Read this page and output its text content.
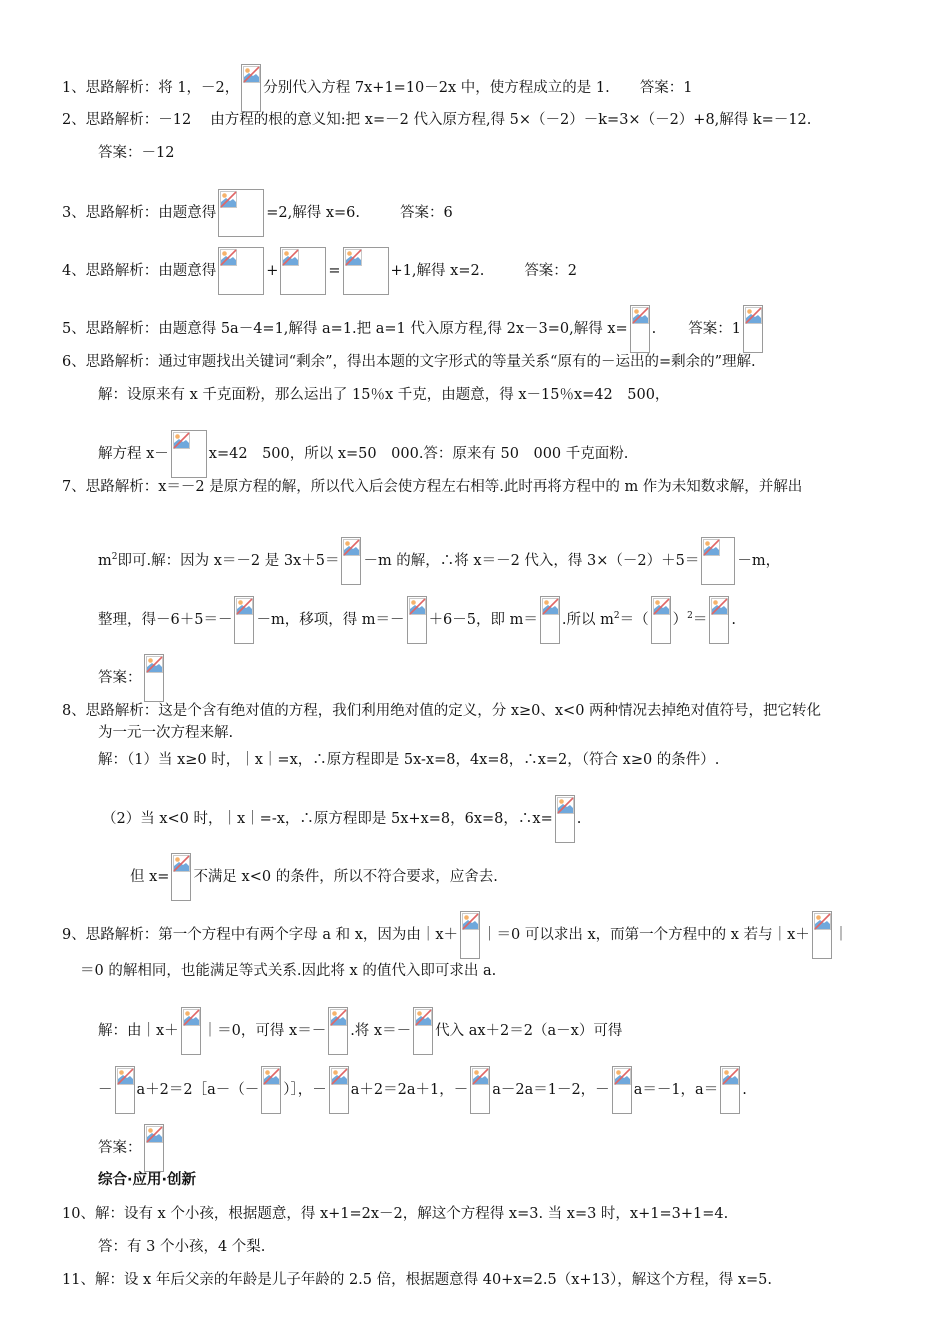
1、思路解析：将 1，－2， 分别代入方程 7x+1=10－2x 中，使方程成立的是 1. 答案：1
2、思路解析：－12　 由方程的根的意义知:把 x=－2 代入原方程,得 5×（－2）－k=3×（－2）+8,解得 k=－12.
答案：－12
3、思路解析：由题意得	=2,解得 x=6.	答案：6
4、思路解析：由题意得	+	=	+1,解得 x=2.	答案：2
5、思路解析：由题意得 5a－4=1,解得 a=1.把 a=1 代入原方程,得 2x－3=0,解得 x= . 答案：1
6、思路解析：通过审题找出关键词“剩余”，得出本题的文字形式的等量关系“原有的－运出的=剩余的”理解.
解：设原来有 x 千克面粉，那么运出了 15％x 千克，由题意，得 x－15％x=42　500，
解方程 x－	x=42　500，所以 x=50　000.答：原来有 50　000 千克面粉.
7、思路解析：x＝－2 是原方程的解，所以代入后会使方程左右相等.此时再将方程中的 m 作为未知数求解，并解出
$m^2$即可.解：因为 x＝－2 是 3x＋5＝ －m 的解，∴将 x＝－2 代入，得 3×（－2）＋5＝	－m，
整理，得－6＋5＝－ －m，移项，得 m＝－ ＋6－5，即 m＝ .所以 $m^2=$（ ）$^2$＝ .
答案：
8、思路解析：这是个含有绝对值的方程，我们利用绝对值的定义，分 x≥0、x<0 两种情况去掉绝对值符号，把它转化
为一元一次方程来解.
解：（1）当 x≥0 时，｜x｜=x，∴原方程即是 5x-x=8，4x=8，∴x=2，（符合 x≥0 的条件）.
（2）当 x<0 时，｜x｜=-x，∴原方程即是 5x+x=8，6x=8，∴x= .
但 x= 不满足 x<0 的条件，所以不符合要求，应舍去.
9、思路解析：第一个方程中有两个字母 a 和 x，因为由｜x＋ ｜＝0 可以求出 x，而第一个方程中的 x 若与｜x＋ ｜
＝0 的解相同，也能满足等式关系.因此将 x 的值代入即可求出 a.
解：由｜x＋ ｜＝0，可得 x＝－ .将 x＝－ 代入 ax＋2＝2（a－x）可得
－ a＋2＝2［a－（－ ）］，－ a＋2＝2a＋1，－ a－2a＝1－2，－ a＝－1，a＝ .
答案：
综合·应用·创新
10、解：设有 x 个小孩，根据题意，得 x+1=2x－2，解这个方程得 x=3. 当 x=3 时，x+1=3+1=4.
答：有 3 个小孩，4 个梨.
11、解：设 x 年后父亲的年龄是儿子年龄的 2.5 倍，根据题意得 40+x=2.5（x+13），解这个方程，得 x=5.
